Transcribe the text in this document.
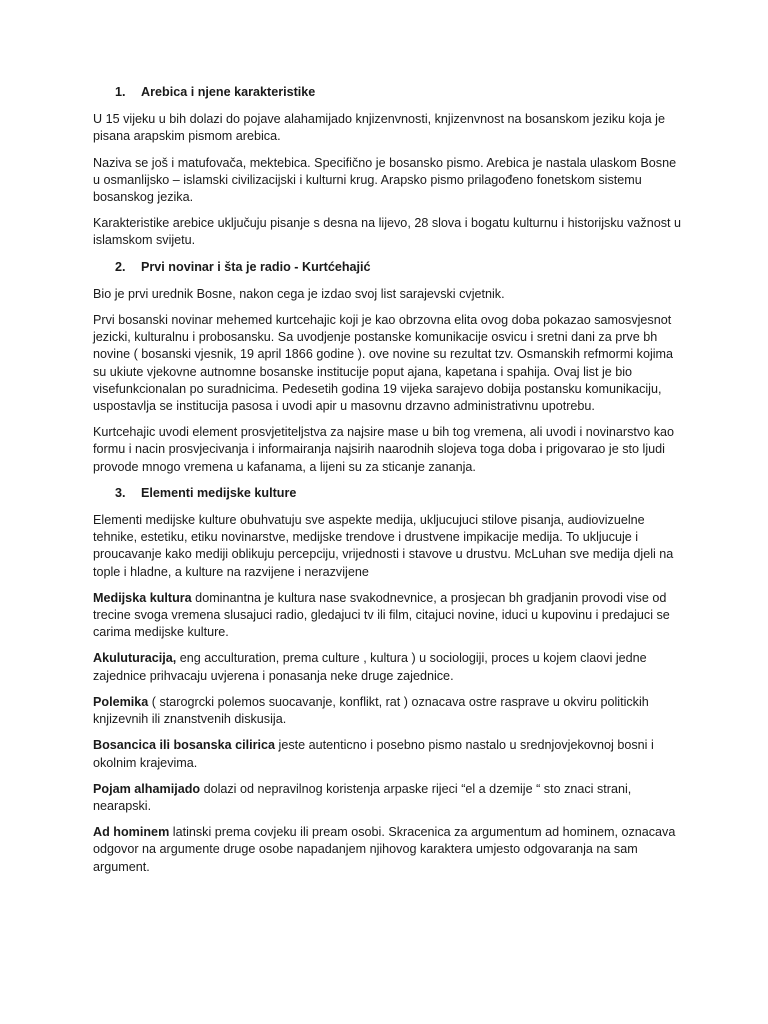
1. Arebica i njene karakteristike

U 15 vijeku u bih dolazi do pojave alahamijado knjizenvnosti, knjizenvnost na bosanskom jeziku koja je pisana arapskim pismom arebica.

Naziva se još i matufovača, mektebica. Specifično je bosansko pismo. Arebica je nastala ulaskom Bosne u osmanlijsko – islamski civilizacijski i kulturni krug. Arapsko pismo prilagođeno fonetskom sistemu bosanskog jezika.

Karakteristike arebice uključuju pisanje s desna na lijevo, 28 slova i bogatu kulturnu i historijsku važnost u islamskom svijetu.

2. Prvi novinar i šta je radio - Kurtćehajić

Bio je prvi urednik Bosne, nakon cega je izdao svoj list sarajevski cvjetnik.

Prvi bosanski novinar mehemed kurtcehajic koji je kao obrzovna elita ovog doba pokazao samosvjesnot jezicki, kulturalnu i probosansku. Sa uvodjenje postanske komunikacije osvicu i sretni dani za prve bh novine ( bosanski vjesnik, 19 april 1866 godine ). ove novine su rezultat tzv. Osmanskih refmormi kojima su ukiute vjekovne autnomne bosanske institucije poput ajana, kapetana i spahija. Ovaj list je bio visefunkcionalan po suradnicima. Pedesetih godina 19 vijeka sarajevo dobija postansku komunikaciju, uspostavlja se institucija pasosa i uvodi apir u masovnu drzavno administrativnu upotrebu.

Kurtcehajic uvodi element prosvjetiteljstva za najsire mase u bih tog vremena, ali uvodi i novinarstvo kao formu i nacin prosvjecivanja i informairanja najsirih naarodnih slojeva toga doba i prigovarao je sto ljudi provode mnogo vremena u kafanama, a lijeni su za sticanje zananja.

3. Elementi medijske kulture

Elementi medijske kulture obuhvatuju sve aspekte medija, ukljucujuci stilove pisanja, audiovizuelne tehnike, estetiku, etiku novinarstve, medijske trendove i drustvene impikacije medija. To uklјucuje i proucavanje kako mediji oblikuju percepciju, vrijednosti i stavove u drustvu. McLuhan sve medija djeli na tople i hladne, a kulture na razvijene i nerazvijene

Medijska kultura dominantna je kultura nase svakodnevnice, a prosjecan bh gradjanin provodi vise od trecine svoga vremena slusajuci radio, gledajuci tv ili film, citajuci novine, iduci u kupovinu i predajuci se carima medijske kulture.

Akuluturacija, eng acculturation, prema culture , kultura ) u sociologiji, proces u kojem claovi jedne zajednice prihvacaju uvjerena i ponasanja neke druge zajednice.

Polemika ( starogrcki polemos suocavanje, konflikt, rat ) oznacava ostre rasprave u okviru politickih knjizevnih ili znanstvenih diskusija.

Bosancica ili bosanska cilirica jeste autenticno i posebno pismo nastalo u srednjovjekovnoj bosni i okolnim krajevima.

Pojam alhamijado dolazi od nepravilnog koristenja arpaske rijeci “el a dzemije “ sto znaci strani, nearapski.

Ad hominem latinski prema covjeku ili pream osobi. Skracenica za argumentum ad hominem, oznacava odgovor na argumente druge osobe napadanjem njihovog karaktera umjesto odgovaranja na sam argument.
